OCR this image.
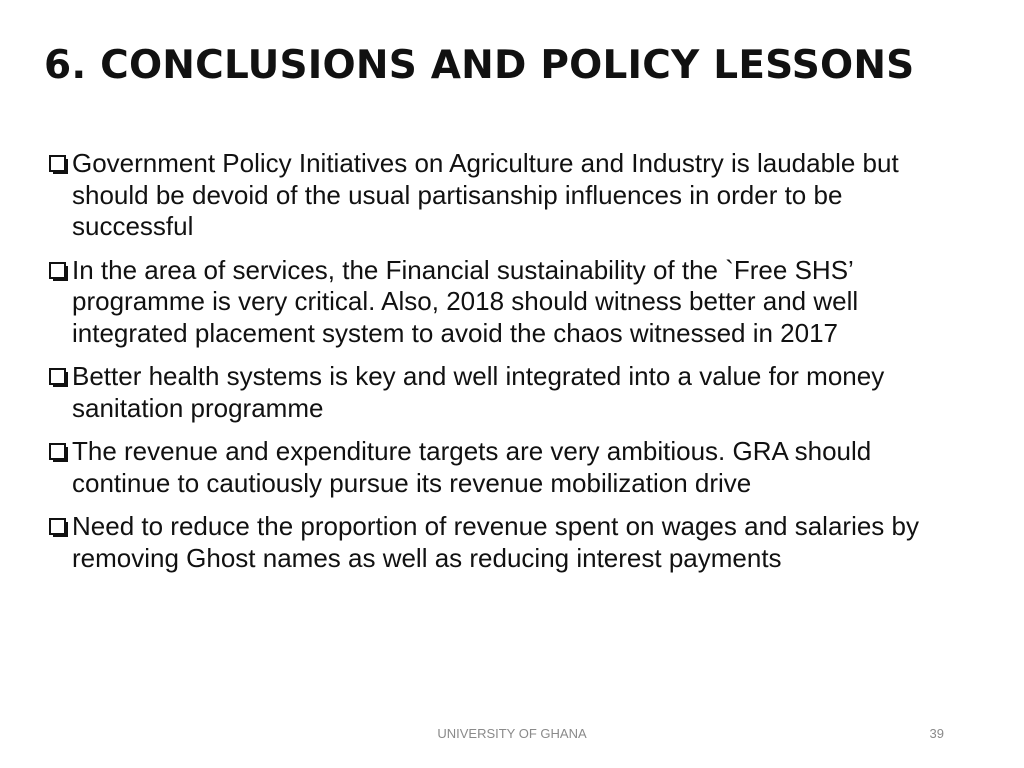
6. CONCLUSIONS AND POLICY LESSONS
Government Policy Initiatives on Agriculture and Industry is laudable but should be devoid of the usual partisanship influences in order to be successful
In the area of services, the Financial sustainability of the `Free SHS’ programme is very critical. Also, 2018 should witness better and well integrated placement system to avoid the chaos witnessed in 2017
Better health systems is key and well integrated into a value for money sanitation programme
The revenue and expenditure targets are very ambitious. GRA should continue to cautiously pursue its revenue mobilization drive
Need to reduce the proportion of revenue spent on wages and salaries by removing Ghost names as well as reducing interest payments
UNIVERSITY OF GHANA	39
